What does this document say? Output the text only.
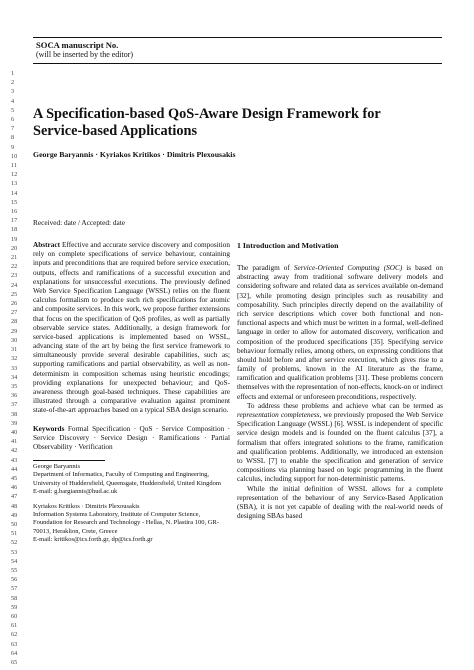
SOCA manuscript No.
(will be inserted by the editor)
1
2
3
4
5
6
7
8
9
10
11
12
13
14
15
16
17
18
19
20
21
22
23
24
25
26
27
28
29
30
31
32
33
34
35
36
37
38
39
40
41
42
43
44
45
46
47
48
49
50
51
52
53
54
55
56
57
58
59
60
61
62
63
64
65
A Specification-based QoS-Aware Design Framework for
Service-based Applications
George Baryannis · Kyriakos Kritikos · Dimitris Plexousakis
Received: date / Accepted: date

Abstract Effective and accurate service discovery and composition rely on complete specifications of service behaviour, containing inputs and preconditions that are required before service execution, outputs, effects and ramifications of a successful execution and explanations for unsuccessful executions. The previously defined Web Service Specification Language (WSSL) relies on the fluent calculus formalism to produce such rich specifications for atomic and composite services. In this work, we propose further extensions that focus on the specification of QoS profiles, as well as partially observable service states. Additionally, a design framework for service-based applications is implemented based on WSSL, advancing state of the art by being the first service framework to simultaneously provide several desirable capabilities, such as; supporting ramifications and partial observability, as well as non-determinism in composition schemas using heuristic encodings; providing explanations for unexpected behaviour; and QoS-awareness through goal-based techniques. These capabilities are illustrated through a comparative evaluation against prominent state-of-the-art approaches based on a typical SBA design scenario.

Keywords Formal Specification · QoS · Service Composition · Service Discovery · Service Design · Ramifications · Partial Observability · Verification

George Baryannis
Department of Informatics, Faculty of Computing and Engineering, University of Huddersfield, Queensgate, Huddersfield, United Kingdom
E-mail: g.bargiannis@hud.ac.uk
Kyriakos Kritikos · Dimitris Plexousakis
Information Systems Laboratory, Institute of Computer Science, Foundation for Research and Technology - Hellas, N. Plastira 100, GR-70013, Heraklion, Crete, Greece
E-mail: kritikos@ics.forth.gr, dp@ics.forth.gr
1 Introduction and Motivation

The paradigm of Service-Oriented Computing (SOC) is based on abstracting away from traditional software delivery models and considering software and related data as services available on-demand [32], while promoting design principles such as reusability and composability. Such principles directly depend on the availability of rich service descriptions which cover both functional and non-functional aspects and which must be written in a formal, well-defined language in order to allow for automated discovery, verification and composition of the produced specifications [35]. Specifying service behaviour formally relies, among others, on expressing conditions that should hold before and after service execution, which gives rise to a family of problems, known in the AI literature as the frame, ramification and qualification problems [31]. These problems concern themselves with the representation of non-effects, knock-on or indirect effects and external or unforeseen preconditions, respectively.

To address these problems and achieve what can be termed as representation completeness, we previously proposed the Web Service Specification Language (WSSL) [6]. WSSL is independent of specific service design models and is founded on the fluent calculus [37], a formalism that offers integrated solutions to the frame, ramification and qualification problems. Additionally, we introduced an extension to WSSL [7] to enable the specification and generation of service compositions via planning based on logic programming in the fluent calculus, including support for non-deterministic patterns.

While the initial definition of WSSL allows for a complete representation of the behaviour of any Service-Based Application (SBA), it is not yet capable of dealing with the real-world needs of designing SBAs based
